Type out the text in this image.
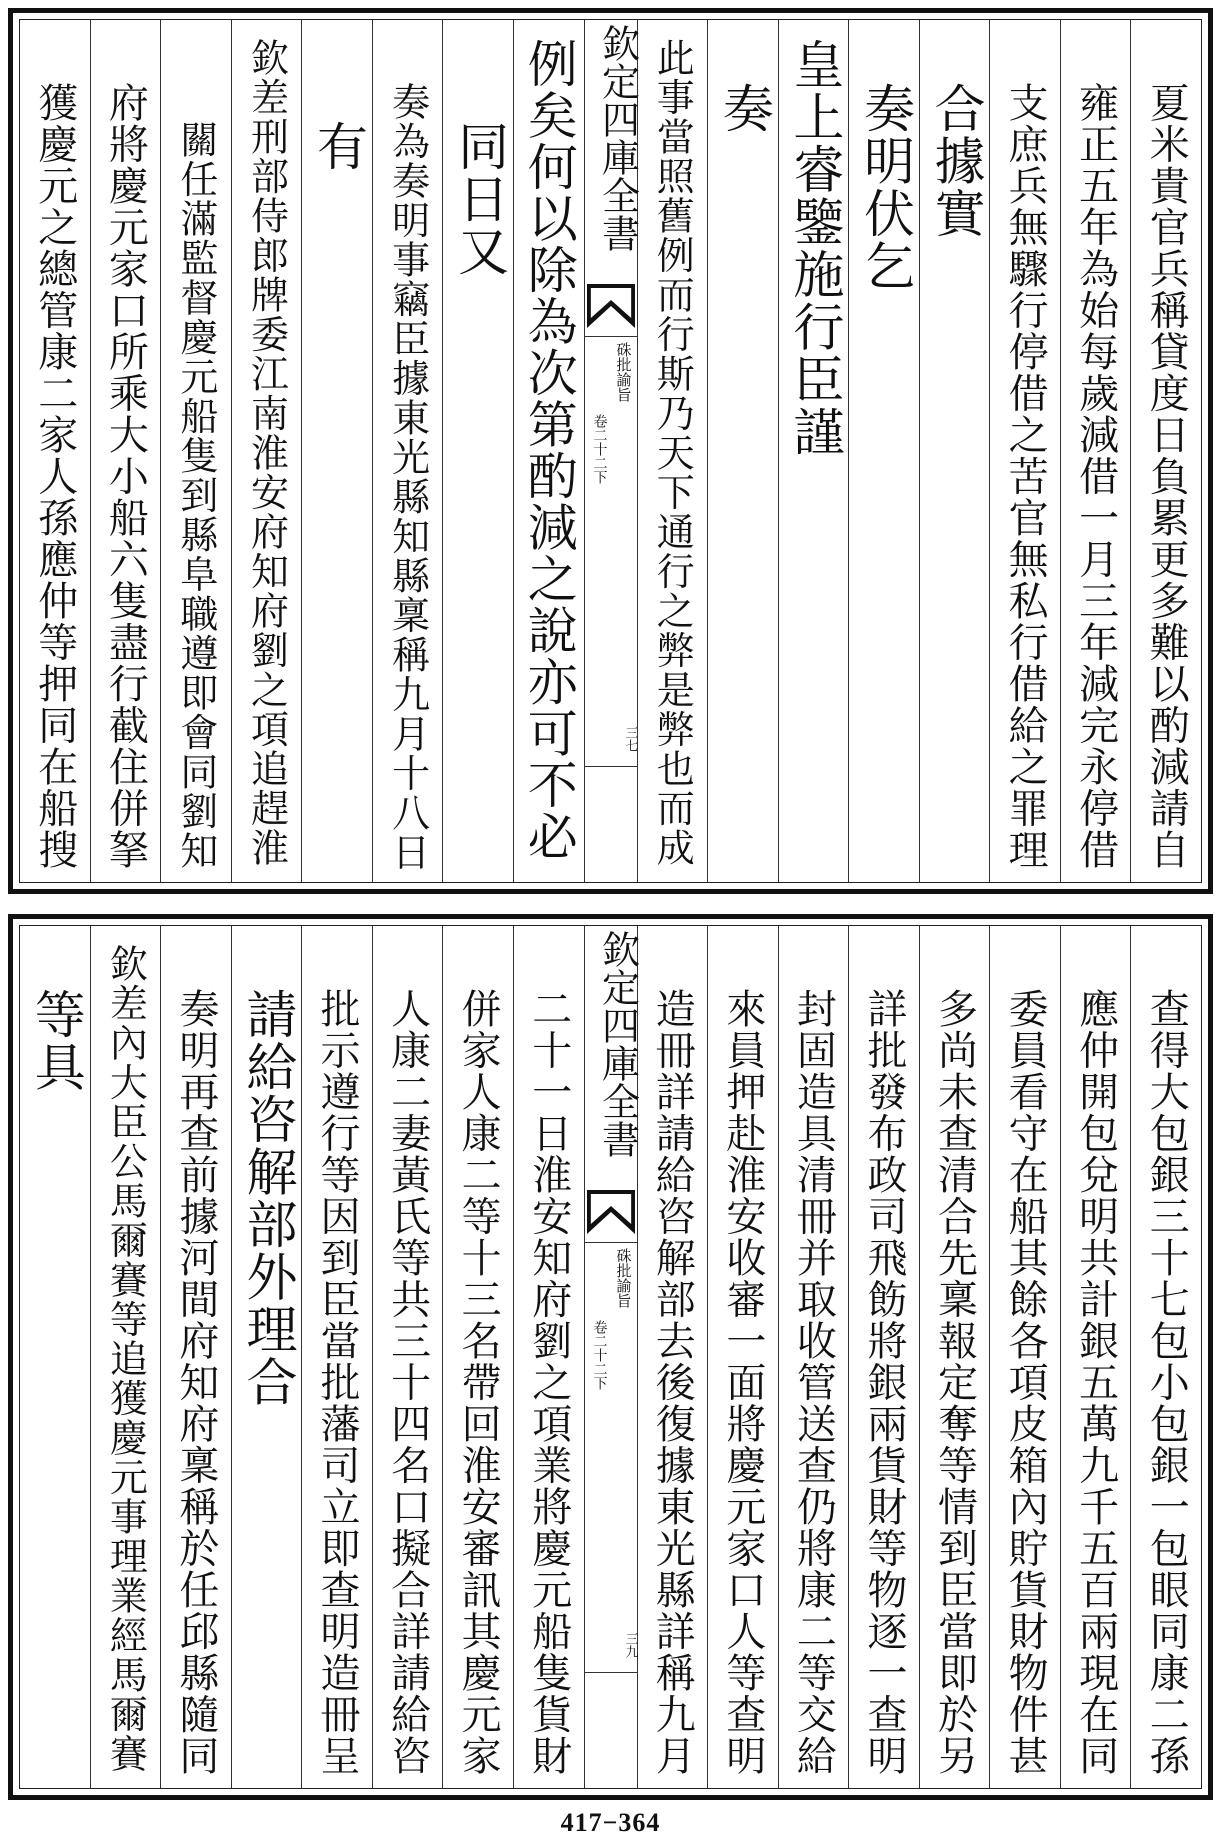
夏米貴官兵稱貸度日負累更多難以酌減請自
雍正五年為始每歲減借一月三年減完永停借
支庶兵無驟行停借之苦官無私行借給之罪理
合據實
奏明伏乞
皇上睿鑒施行臣謹
奏
此事當照舊例而行斯乃天下通行之弊是弊也而成
欽定四庫全書
硃批諭旨
卷二十二下
三七
例矣何以除為次第酌減之說亦可不必
同日又
奏為奏明事竊臣據東光縣知縣稟稱九月十八日
有
欽差刑部侍郎牌委江南淮安府知府劉之項追趕淮
關任滿監督慶元船隻到縣阜職遵即會同劉知
府將慶元家口所乘大小船六隻盡行截住併拏
獲慶元之總管康二家人孫應仲等押同在船搜
查得大包銀三十七包小包銀一包眼同康二孫
應仲開包兌明共計銀五萬九千五百兩現在同
委員看守在船其餘各項皮箱內貯貨財物件甚
多尚未查清合先稟報定奪等情到臣當即於另
詳批發布政司飛飭將銀兩貨財等物逐一查明
封固造具清冊并取收管送查仍將康二等交給
來員押赴淮安收審一面將慶元家口人等查明
造冊詳請給咨解部去後復據東光縣詳稱九月
欽定四庫全書
硃批諭旨
卷二十二下
三九
二十一日淮安知府劉之項業將慶元船隻貨財
併家人康二等十三名帶回淮安審訊其慶元家
人康二妻黃氏等共三十四名口擬合詳請給咨
批示遵行等因到臣當批藩司立即查明造冊呈
請給咨解部外理合
奏明再查前據河間府知府稟稱於任邱縣隨同
欽差內大臣公馬爾賽等追獲慶元事理業經馬爾賽
等具
417−364
